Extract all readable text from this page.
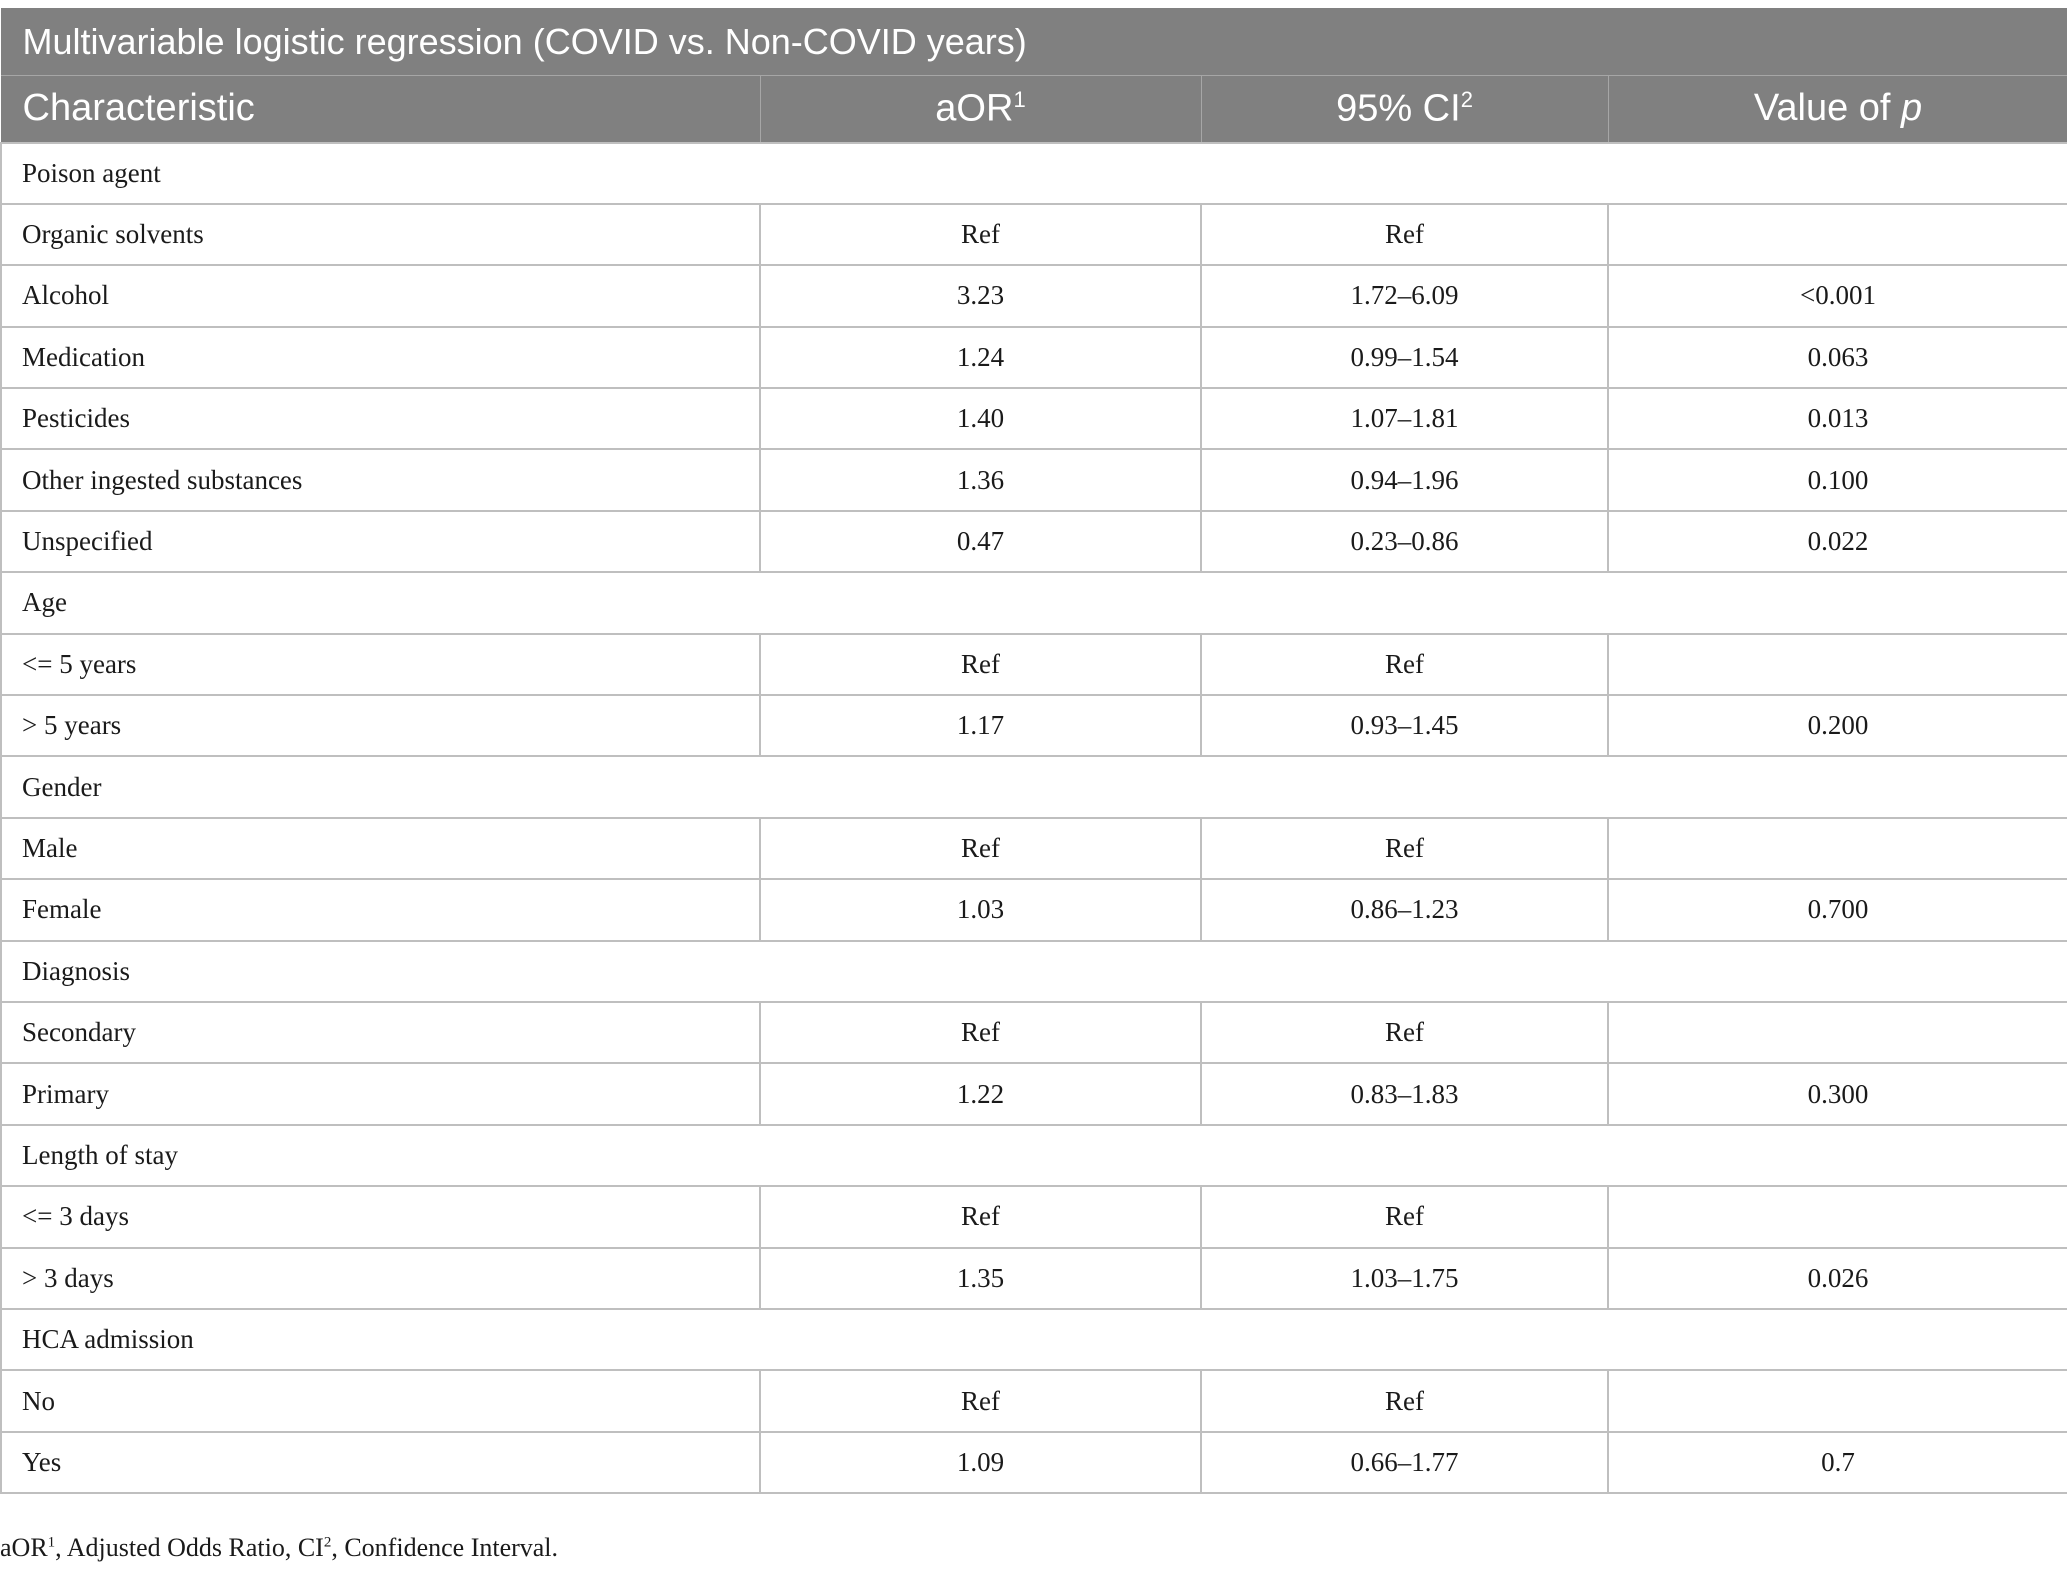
Multivariable logistic regression (COVID vs. Non-COVID years)			
Characteristic	aOR$^1$	95% $CI^2$	Value of p
Poison agent			
Organic solvents	Ref	Ref	
Alcohol	3.23	1.72–6.09	<0.001
Medication	1.24	0.99–1.54	0.063
Pesticides	1.40	1.07–1.81	0.013
Other ingested substances	1.36	0.94–1.96	0.100
Unspecified	0.47	0.23–0.86	0.022
Age			
<= 5 years	Ref	Ref	
> 5 years	1.17	0.93–1.45	0.200
Gender			
Male	Ref	Ref	
Female	1.03	0.86–1.23	0.700
Diagnosis			
Secondary	Ref	Ref	
Primary	1.22	0.83–1.83	0.300
Length of stay			
<= 3 days	Ref	Ref	
> 3 days	1.35	1.03–1.75	0.026
HCA admission			
No	Ref	Ref	
Yes	1.09	0.66–1.77	0.7
aOR$^1$, Adjusted Odds Ratio, $CI^2$, Confidence Interval.
